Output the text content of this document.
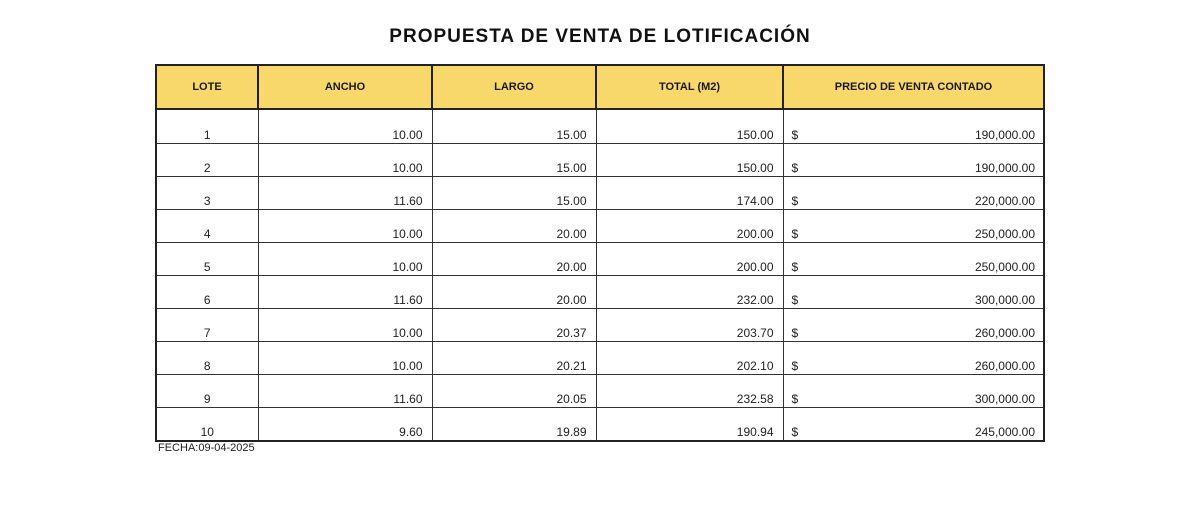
PROPUESTA DE VENTA DE LOTIFICACIÓN
LOTE	ANCHO	LARGO	TOTAL (M2)	PRECIO DE VENTA CONTADO
1	10.00	15.00	150.00	$ 190,000.00

2	10.00	15.00	150.00	$ 190,000.00

3	11.60	15.00	174.00	$ 220,000.00

4	10.00	20.00	200.00	$ 250,000.00

5	10.00	20.00	200.00	$ 250,000.00

6	11.60	20.00	232.00	$ 300,000.00

7	10.00	20.37	203.70	$ 260,000.00

8	10.00	20.21	202.10	$ 260,000.00

9	11.60	20.05	232.58	$ 300,000.00

10	9.60	19.89	190.94	$ 245,000.00
FECHA:09-04-2025
